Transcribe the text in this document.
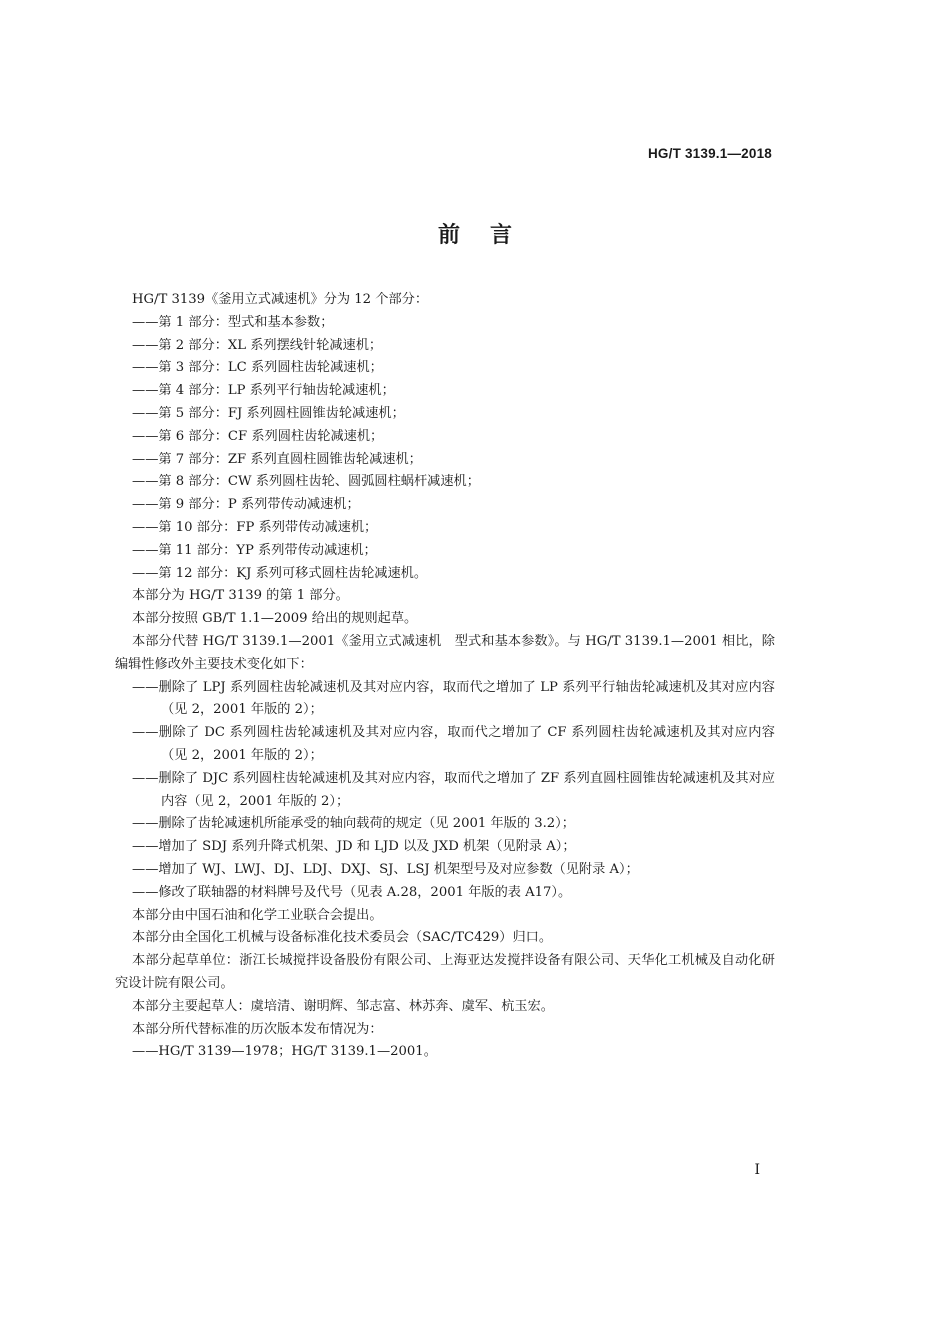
HG/T 3139.1—2018
前言

HG/T 3139《釜用立式减速机》分为 12 个部分：

——第 1 部分：型式和基本参数；

——第 2 部分：XL 系列摆线针轮减速机；

——第 3 部分：LC 系列圆柱齿轮减速机；

——第 4 部分：LP 系列平行轴齿轮减速机；

——第 5 部分：FJ 系列圆柱圆锥齿轮减速机；

——第 6 部分：CF 系列圆柱齿轮减速机；

——第 7 部分：ZF 系列直圆柱圆锥齿轮减速机；

——第 8 部分：CW 系列圆柱齿轮、圆弧圆柱蜗杆减速机；

——第 9 部分：P 系列带传动减速机；

——第 10 部分：FP 系列带传动减速机；

——第 11 部分：YP 系列带传动减速机；

——第 12 部分：KJ 系列可移式圆柱齿轮减速机。

本部分为 HG/T 3139 的第 1 部分。

本部分按照 GB/T 1.1—2009 给出的规则起草。

本部分代替 HG/T 3139.1—2001《釜用立式减速机　型式和基本参数》。与 HG/T 3139.1—2001 相比，除编辑性修改外主要技术变化如下：

——删除了 LPJ 系列圆柱齿轮减速机及其对应内容，取而代之增加了 LP 系列平行轴齿轮减速机及其对应内容（见 2，2001 年版的 2）；

——删除了 DC 系列圆柱齿轮减速机及其对应内容，取而代之增加了 CF 系列圆柱齿轮减速机及其对应内容（见 2，2001 年版的 2）；

——删除了 DJC 系列圆柱齿轮减速机及其对应内容，取而代之增加了 ZF 系列直圆柱圆锥齿轮减速机及其对应内容（见 2，2001 年版的 2）；

——删除了齿轮减速机所能承受的轴向载荷的规定（见 2001 年版的 3.2）；

——增加了 SDJ 系列升降式机架、JD 和 LJD 以及 JXD 机架（见附录 A）；

——增加了 WJ、LWJ、DJ、LDJ、DXJ、SJ、LSJ 机架型号及对应参数（见附录 A）；

——修改了联轴器的材料牌号及代号（见表 A.28，2001 年版的表 A17）。

本部分由中国石油和化学工业联合会提出。

本部分由全国化工机械与设备标准化技术委员会（SAC/TC429）归口。

本部分起草单位：浙江长城搅拌设备股份有限公司、上海亚达发搅拌设备有限公司、天华化工机械及自动化研究设计院有限公司。

本部分主要起草人：虞培清、谢明辉、邹志富、林苏奔、虞军、杭玉宏。

本部分所代替标准的历次版本发布情况为：

——HG/T 3139—1978；HG/T 3139.1—2001。

I
